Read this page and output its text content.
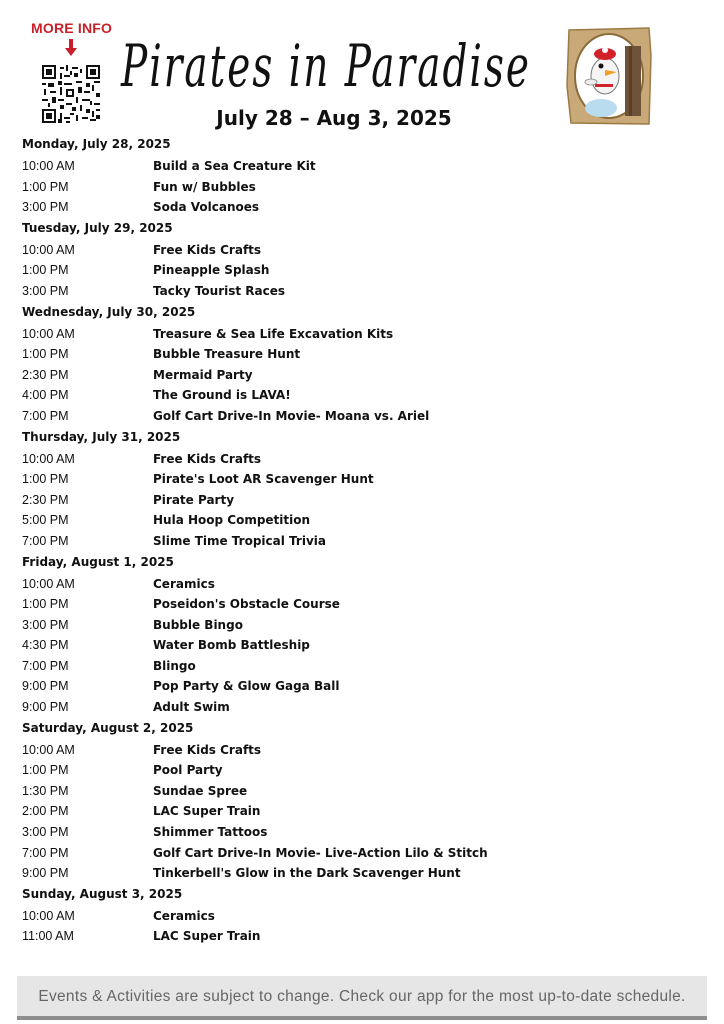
MORE INFO
Pirates in Paradise
July 28 – Aug 3, 2025
Monday, July 28, 2025
10:00 AM	Build a Sea Creature Kit
1:00 PM	Fun w/ Bubbles
3:00 PM	Soda Volcanoes
Tuesday, July 29, 2025
10:00 AM	Free Kids Crafts
1:00 PM	Pineapple Splash
3:00 PM	Tacky Tourist Races
Wednesday, July 30, 2025
10:00 AM	Treasure & Sea Life Excavation Kits
1:00 PM	Bubble Treasure Hunt
2:30 PM	Mermaid Party
4:00 PM	The Ground is LAVA!
7:00 PM	Golf Cart Drive-In Movie- Moana vs. Ariel
Thursday, July 31, 2025
10:00 AM	Free Kids Crafts
1:00 PM	Pirate's Loot AR Scavenger Hunt
2:30 PM	Pirate Party
5:00 PM	Hula Hoop Competition
7:00 PM	Slime Time Tropical Trivia
Friday, August 1, 2025
10:00 AM	Ceramics
1:00 PM	Poseidon's Obstacle Course
3:00 PM	Bubble Bingo
4:30 PM	Water Bomb Battleship
7:00 PM	Blingo
9:00 PM	Pop Party & Glow Gaga Ball
9:00 PM	Adult Swim
Saturday, August 2, 2025
10:00 AM	Free Kids Crafts
1:00 PM	Pool Party
1:30 PM	Sundae Spree
2:00 PM	LAC Super Train
3:00 PM	Shimmer Tattoos
7:00 PM	Golf Cart Drive-In Movie- Live-Action Lilo & Stitch
9:00 PM	Tinkerbell's Glow in the Dark Scavenger Hunt
Sunday, August 3, 2025
10:00 AM	Ceramics
11:00 AM	LAC Super Train
Events & Activities are subject to change. Check our app for the most up-to-date schedule.
